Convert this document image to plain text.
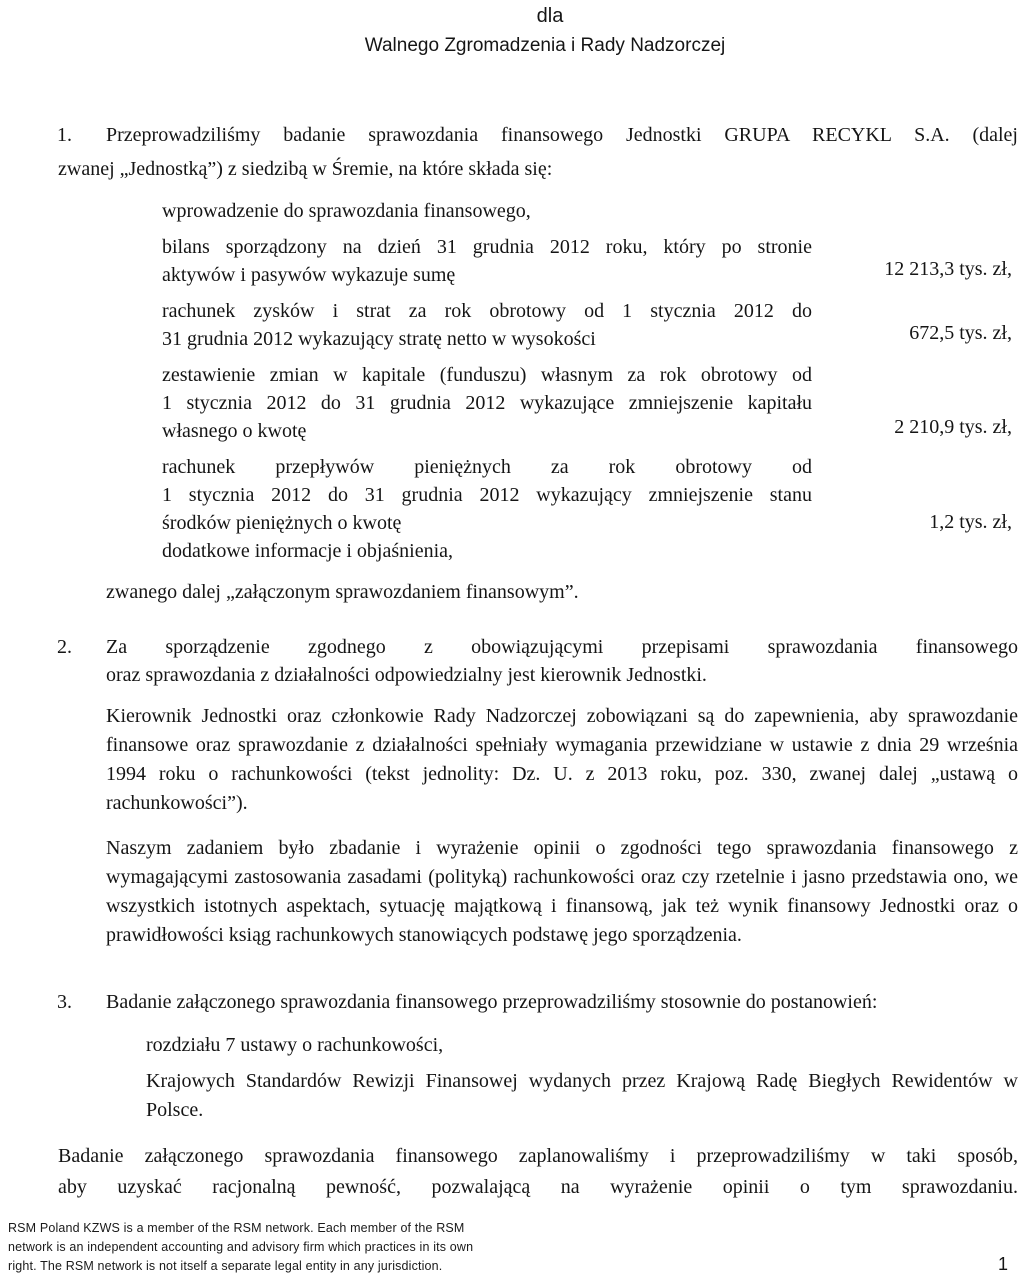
dla
Walnego Zgromadzenia i Rady Nadzorczej
1. Przeprowadziliśmy badanie sprawozdania finansowego Jednostki GRUPA RECYKL S.A. (dalej
zwanej „Jednostką”) z siedzibą w Śremie, na które składa się:
wprowadzenie do sprawozdania finansowego,
bilans sporządzony na dzień 31 grudnia 2012 roku, który po stronie
aktywów i pasywów wykazuje sumę
rachunek zysków i strat za rok obrotowy od 1 stycznia 2012 do
31 grudnia 2012 wykazujący stratę netto w wysokości
zestawienie zmian w kapitale (funduszu) własnym za rok obrotowy od
1 stycznia 2012 do 31 grudnia 2012 wykazujące zmniejszenie kapitału
własnego o kwotę
rachunek przepływów pieniężnych za rok obrotowy od
1 stycznia 2012 do 31 grudnia 2012 wykazujący zmniejszenie stanu
środków pieniężnych o kwotę
dodatkowe informacje i objaśnienia,
12 213,3 tys. zł,
672,5 tys. zł,
2 210,9 tys. zł,
1,2 tys. zł,
zwanego dalej „załączonym sprawozdaniem finansowym”.
2. Za sporządzenie zgodnego z obowiązującymi przepisami sprawozdania finansowego
oraz sprawozdania z działalności odpowiedzialny jest kierownik Jednostki.
Kierownik Jednostki oraz członkowie Rady Nadzorczej zobowiązani są do zapewnienia, aby sprawozdanie finansowe oraz sprawozdanie z działalności spełniały wymagania przewidziane w ustawie z dnia 29 września 1994 roku o rachunkowości (tekst jednolity: Dz. U. z 2013 roku, poz. 330, zwanej dalej „ustawą o rachunkowości”).
Naszym zadaniem było zbadanie i wyrażenie opinii o zgodności tego sprawozdania finansowego z wymagającymi zastosowania zasadami (polityką) rachunkowości oraz czy rzetelnie i jasno przedstawia ono, we wszystkich istotnych aspektach, sytuację majątkową i finansową, jak też wynik finansowy Jednostki oraz o prawidłowości ksiąg rachunkowych stanowiących podstawę jego sporządzenia.
3. Badanie załączonego sprawozdania finansowego przeprowadziliśmy stosownie do postanowień:
rozdziału 7 ustawy o rachunkowości,
Krajowych Standardów Rewizji Finansowej wydanych przez Krajową Radę Biegłych Rewidentów w Polsce.
Badanie załączonego sprawozdania finansowego zaplanowaliśmy i przeprowadziliśmy w taki sposób,
aby uzyskać racjonalną pewność, pozwalającą na wyrażenie opinii o tym sprawozdaniu.
RSM Poland KZWS is a member of the RSM network. Each member of the RSM
network is an independent accounting and advisory firm which practices in its own
right. The RSM network is not itself a separate legal entity in any jurisdiction.	1
